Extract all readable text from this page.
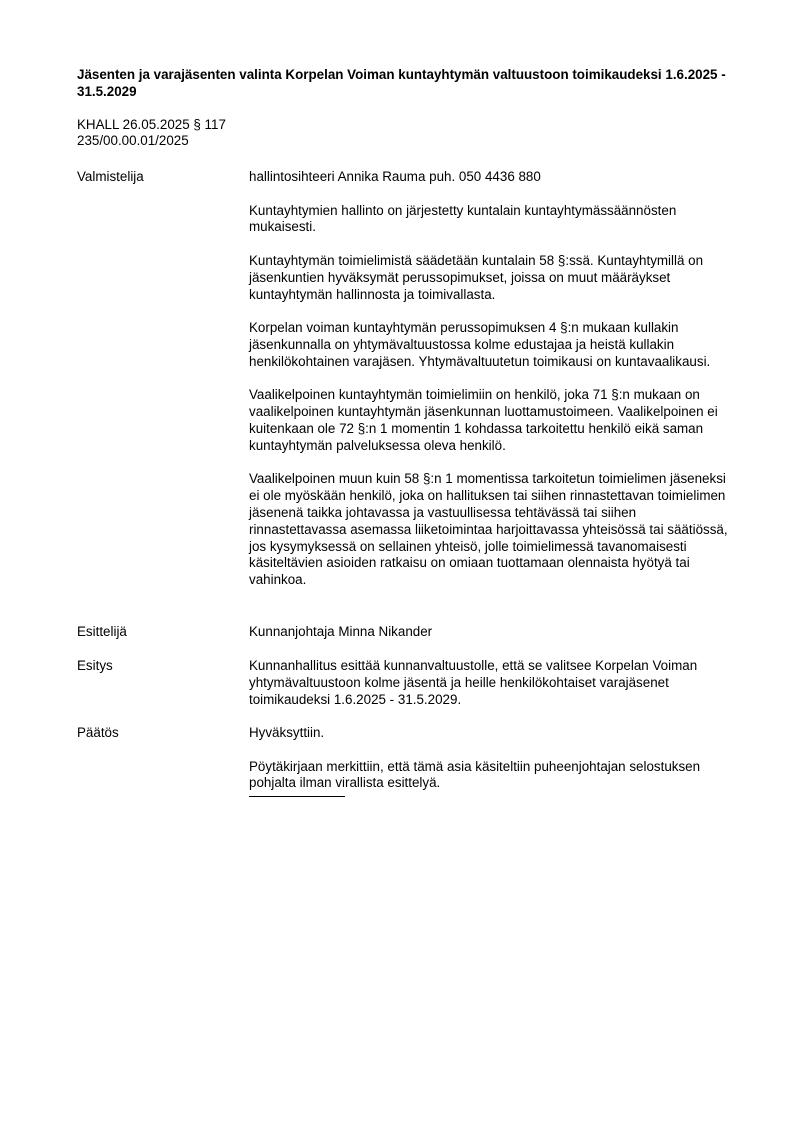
Jäsenten ja varajäsenten valinta Korpelan Voiman kuntayhtymän valtuustoon toimikaudeksi 1.6.2025 - 31.5.2029
KHALL 26.05.2025 § 117
235/00.00.01/2025
Valmistelija	hallintosihteeri Annika Rauma puh. 050 4436 880

Kuntayhtymien hallinto on järjestetty kuntalain kuntayhtymässäännösten mukaisesti.

Kuntayhtymän toimielimistä säädetään kuntalain 58 §:ssä. Kuntayhtymillä on jäsenkuntien hyväksymät perussopimukset, joissa on muut määräykset kuntayhtymän hallinnosta ja toimivallasta.

Korpelan voiman kuntayhtymän perussopimuksen 4 §:n mukaan kullakin jäsenkunnalla on yhtymävaltuustossa kolme edustajaa ja heistä kullakin henkilökohtainen varajäsen. Yhtymävaltuutetun toimikausi on kuntavaalikausi.

Vaalikelpoinen kuntayhtymän toimielimiin on henkilö, joka 71 §:n mukaan on vaalikelpoinen kuntayhtymän jäsenkunnan luottamustoimeen. Vaalikelpoinen ei kuitenkaan ole 72 §:n 1 momentin 1 kohdassa tarkoitettu henkilö eikä saman kuntayhtymän palveluksessa oleva henkilö.

Vaalikelpoinen muun kuin 58 §:n 1 momentissa tarkoitetun toimielimen jäseneksi ei ole myöskään henkilö, joka on hallituksen tai siihen rinnastettavan toimielimen jäsenenä taikka johtavassa ja vastuullisessa tehtävässä tai siihen rinnastettavassa asemassa liiketoimintaa harjoittavassa yhteisössä tai säätiössä, jos kysymyksessä on sellainen yhteisö, jolle toimielimessä tavanomaisesti käsiteltävien asioiden ratkaisu on omiaan tuottamaan olennaista hyötyä tai vahinkoa.

Esittelijä	Kunnanjohtaja Minna Nikander

Esitys	Kunnanhallitus esittää kunnanvaltuustolle, että se valitsee Korpelan Voiman yhtymävaltuustoon kolme jäsentä ja heille henkilökohtaiset varajäsenet toimikaudeksi 1.6.2025 - 31.5.2029.

Päätös	Hyväksyttiin.

Pöytäkirjaan merkittiin, että tämä asia käsiteltiin puheenjohtajan selostuksen pohjalta ilman virallista esittelyä.
